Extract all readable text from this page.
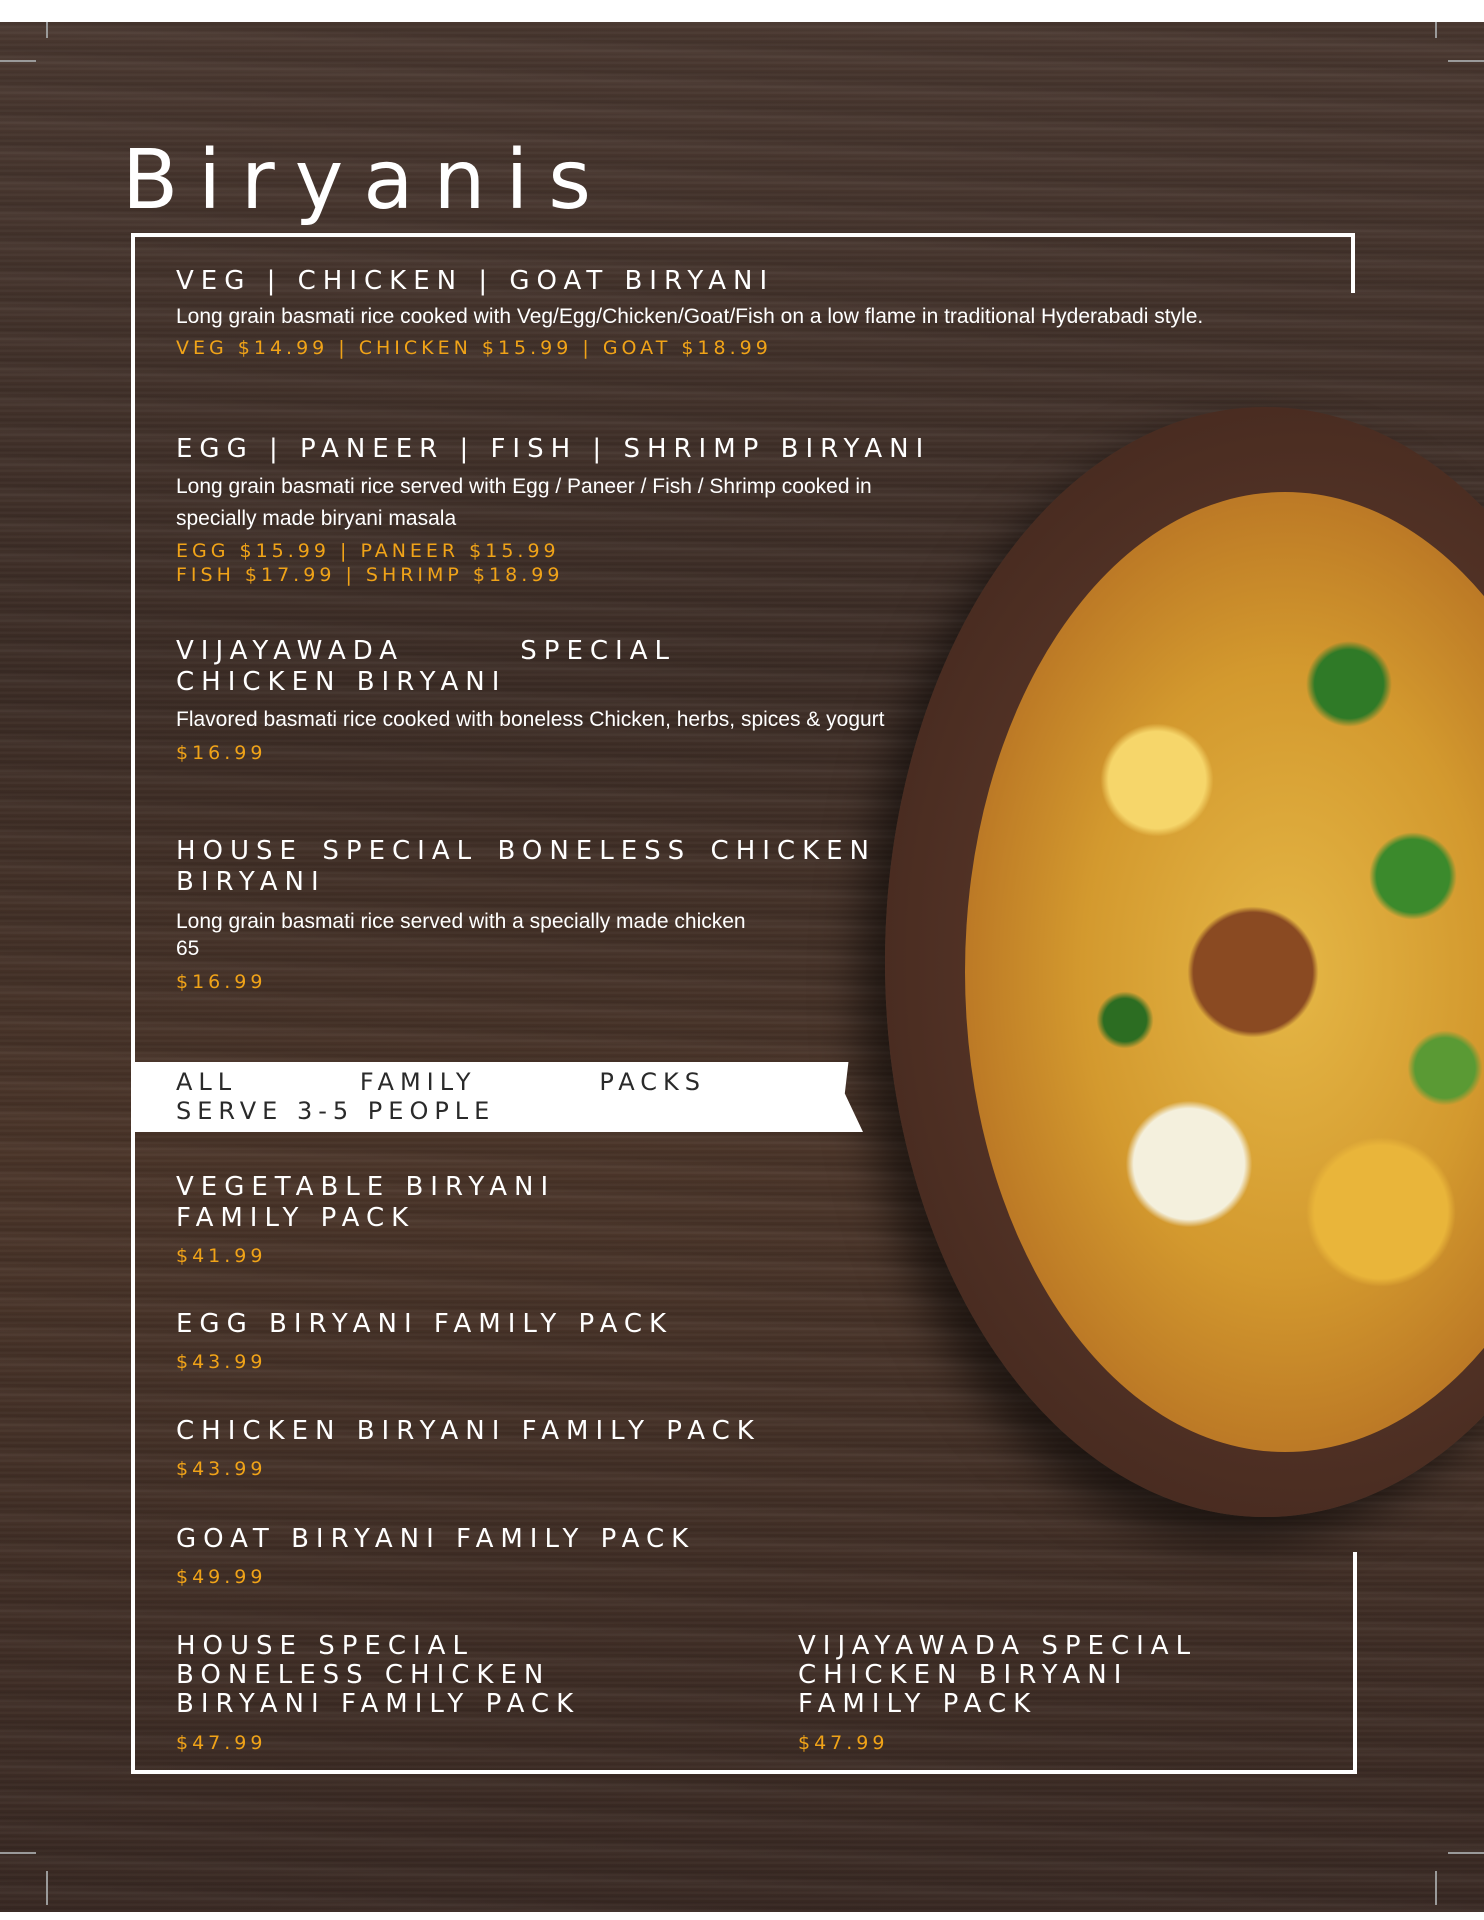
Biryanis
VEG | CHICKEN | GOAT BIRYANI
Long grain basmati rice cooked with Veg/Egg/Chicken/Goat/Fish on a low flame in traditional Hyderabadi style.
VEG $14.99 | CHICKEN $15.99 | GOAT $18.99
EGG | PANEER | FISH | SHRIMP BIRYANI
Long grain basmati rice served with Egg / Paneer / Fish / Shrimp cooked in specially made biryani masala
EGG $15.99 | PANEER $15.99
FISH $17.99 | SHRIMP $18.99
VIJAYAWADA SPECIAL CHICKEN BIRYANI
Flavored basmati rice cooked with boneless Chicken, herbs, spices & yogurt
$16.99
HOUSE SPECIAL BONELESS CHICKEN BIRYANI
Long grain basmati rice served with a specially made chicken 65
$16.99
ALL	FAMILY	PACKS
SERVE 3-5 PEOPLE
VEGETABLE BIRYANI FAMILY PACK
$41.99
EGG BIRYANI FAMILY PACK
$43.99
CHICKEN BIRYANI FAMILY PACK
$43.99
GOAT BIRYANI FAMILY PACK
$49.99
HOUSE SPECIAL BONELESS CHICKEN BIRYANI FAMILY PACK
$47.99
VIJAYAWADA SPECIAL CHICKEN BIRYANI FAMILY PACK
$47.99
